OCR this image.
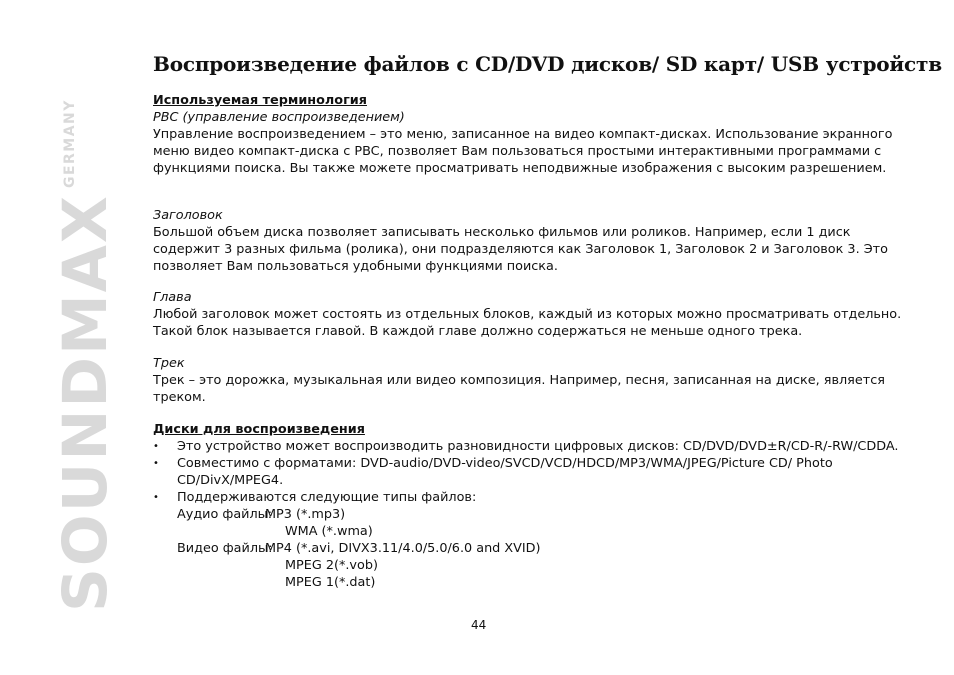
SOUNDMAXGERMANY
Воспроизведение файлов с CD/DVD дисков/ SD карт/ USB устройств

Используемая терминология

PBC (управление воспроизведением)

Управление воспроизведением – это меню, записанное на видео компакт-дисках. Использование экранного меню видео компакт-диска с PBC, позволяет Вам пользоваться простыми интерактивными программами с функциями поиска. Вы также можете просматривать неподвижные изображения с высоким разрешением.

Заголовок

Большой объем диска позволяет записывать несколько фильмов или роликов. Например, если 1 диск содержит 3 разных фильма (ролика), они подразделяются как Заголовок 1, Заголовок 2 и Заголовок 3. Это позволяет Вам пользоваться удобными функциями поиска.

Глава

Любой заголовок может состоять из отдельных блоков, каждый из которых можно просматривать отдельно. Такой блок называется главой. В каждой главе должно содержаться не меньше одного трека.

Трек

Трек – это дорожка, музыкальная или видео композиция. Например, песня, записанная на диске, является треком.

Диски для воспроизведения

• Это устройство может воспроизводить разновидности цифровых дисков: CD/DVD/DVD±R/CD-R/-RW/CDDA.
• Совместимо с форматами: DVD-audio/DVD-video/SVCD/VCD/HDCD/MP3/WMA/JPEG/Picture CD/ Photo CD/DivX/MPEG4.
• Поддерживаются следующие типы файлов:
Аудио файлы:
MP3 (*.mp3)

WMA (*.wma)

Видео файлы:
MP4 (*.avi, DIVX3.11/4.0/5.0/6.0 and XVID)

MPEG 2(*.vob)

MPEG 1(*.dat)

44
